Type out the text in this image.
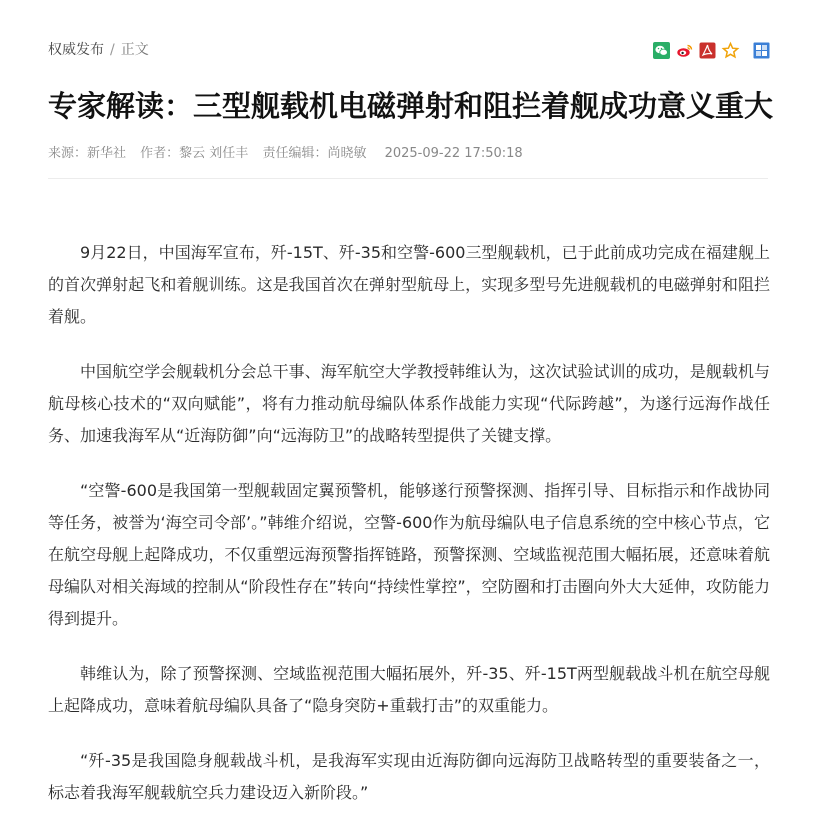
权威发布 / 正文
专家解读：三型舰载机电磁弹射和阻拦着舰成功意义重大
来源：新华社 作者：黎云 刘任丰 责任编辑：尚晓敏 2025-09-22 17:50:18

9月22日，中国海军宣布，歼-15T、歼-35和空警-600三型舰载机，已于此前成功完成在福建舰上的首次弹射起飞和着舰训练。这是我国首次在弹射型航母上，实现多型号先进舰载机的电磁弹射和阻拦着舰。

中国航空学会舰载机分会总干事、海军航空大学教授韩维认为，这次试验试训的成功，是舰载机与航母核心技术的“双向赋能”，将有力推动航母编队体系作战能力实现“代际跨越”，为遂行远海作战任务、加速我海军从“近海防御”向“远海防卫”的战略转型提供了关键支撑。

“空警-600是我国第一型舰载固定翼预警机，能够遂行预警探测、指挥引导、目标指示和作战协同等任务，被誉为‘海空司令部’。”韩维介绍说，空警-600作为航母编队电子信息系统的空中核心节点，它在航空母舰上起降成功，不仅重塑远海预警指挥链路，预警探测、空域监视范围大幅拓展，还意味着航母编队对相关海域的控制从“阶段性存在”转向“持续性掌控”，空防圈和打击圈向外大大延伸，攻防能力得到提升。

韩维认为，除了预警探测、空域监视范围大幅拓展外，歼-35、歼-15T两型舰载战斗机在航空母舰上起降成功，意味着航母编队具备了“隐身突防+重载打击”的双重能力。

“歼-35是我国隐身舰载战斗机，是我海军实现由近海防御向远海防卫战略转型的重要装备之一，标志着我海军舰载航空兵力建设迈入新阶段。”
